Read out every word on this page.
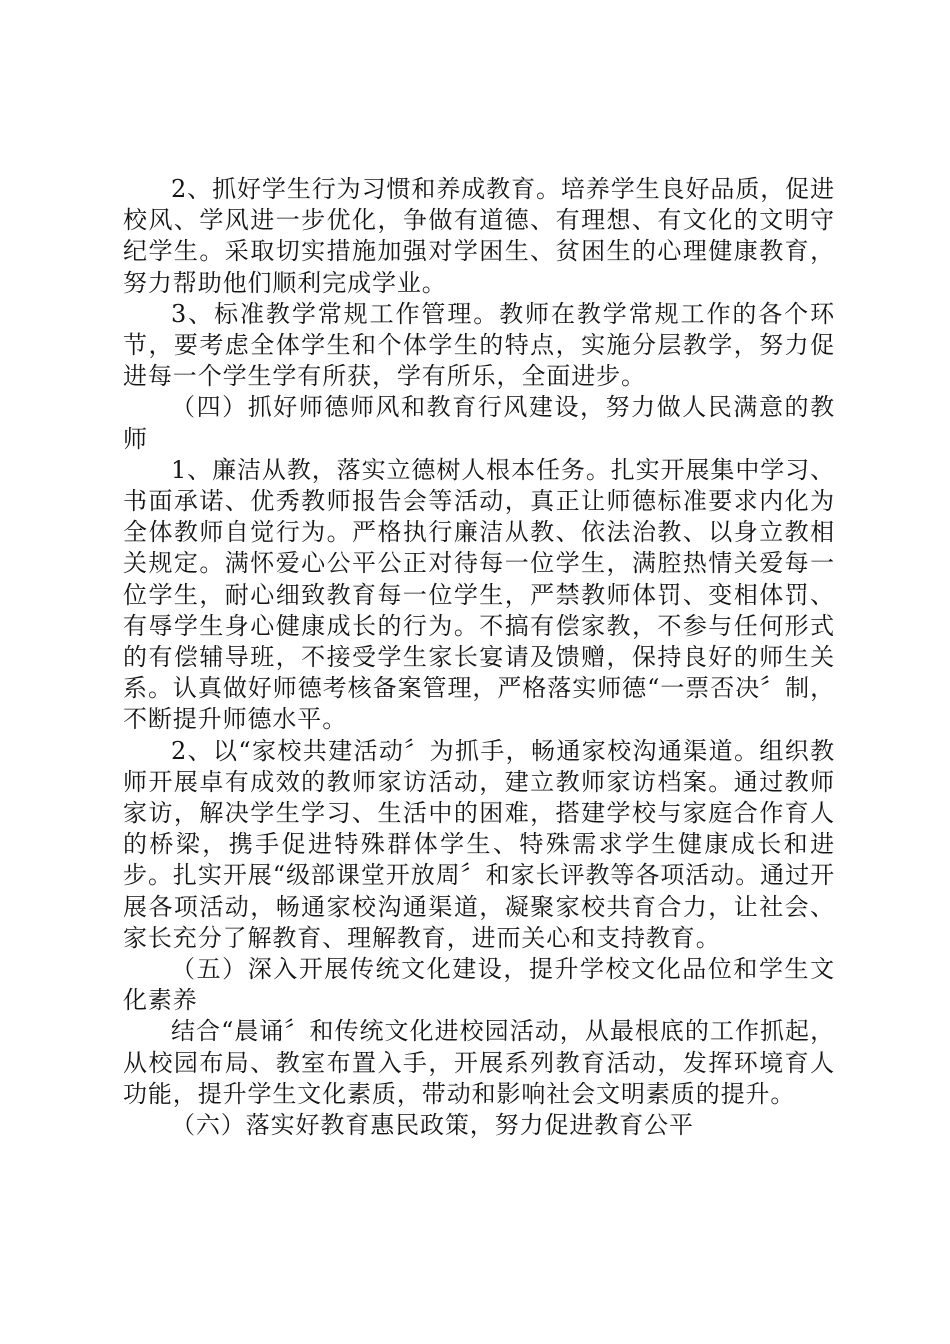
2、抓好学生行为习惯和养成教育。培养学生良好品质，促进校风、学风进一步优化，争做有道德、有理想、有文化的文明守纪学生。采取切实措施加强对学困生、贫困生的心理健康教育，努力帮助他们顺利完成学业。

3、标准教学常规工作管理。教师在教学常规工作的各个环节，要考虑全体学生和个体学生的特点，实施分层教学，努力促进每一个学生学有所获，学有所乐，全面进步。

（四）抓好师德师风和教育行风建设，努力做人民满意的教师

1、廉洁从教，落实立德树人根本任务。扎实开展集中学习、书面承诺、优秀教师报告会等活动，真正让师德标准要求内化为全体教师自觉行为。严格执行廉洁从教、依法治教、以身立教相关规定。满怀爱心公平公正对待每一位学生，满腔热情关爱每一位学生，耐心细致教育每一位学生，严禁教师体罚、变相体罚、有辱学生身心健康成长的行为。不搞有偿家教，不参与任何形式的有偿辅导班，不接受学生家长宴请及馈赠，保持良好的师生关系。认真做好师德考核备案管理，严格落实师德“一票否决〞制，不断提升师德水平。

2、以“家校共建活动〞为抓手，畅通家校沟通渠道。组织教师开展卓有成效的教师家访活动，建立教师家访档案。通过教师家访，解决学生学习、生活中的困难，搭建学校与家庭合作育人的桥梁，携手促进特殊群体学生、特殊需求学生健康成长和进步。扎实开展“级部课堂开放周〞和家长评教等各项活动。通过开展各项活动，畅通家校沟通渠道，凝聚家校共育合力，让社会、家长充分了解教育、理解教育，进而关心和支持教育。

（五）深入开展传统文化建设，提升学校文化品位和学生文化素养

结合“晨诵〞和传统文化进校园活动，从最根底的工作抓起，从校园布局、教室布置入手，开展系列教育活动，发挥环境育人功能，提升学生文化素质，带动和影响社会文明素质的提升。

（六）落实好教育惠民政策，努力促进教育公平
